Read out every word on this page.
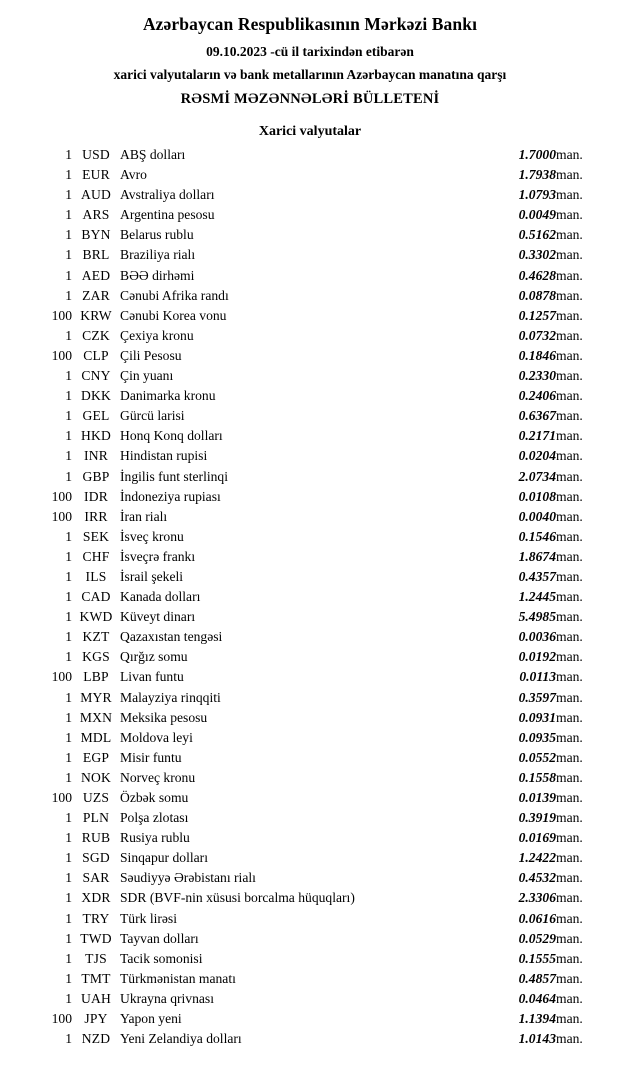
Azərbaycan Respublikasının Mərkəzi Bankı
09.10.2023 -cü il tarixindən etibarən
xarici valyutaların və bank metallarının Azərbaycan manatına qarşı
RƏSMİ MƏZƏNNƏLƏRİ BÜLLETENİ
Xarici valyutalar
1	USD	ABŞ dolları	1.7000	man.
1	EUR	Avro	1.7938	man.
1	AUD	Avstraliya dolları	1.0793	man.
1	ARS	Argentina pesosu	0.0049	man.
1	BYN	Belarus rublu	0.5162	man.
1	BRL	Braziliya rialı	0.3302	man.
1	AED	BƏƏ dirhəmi	0.4628	man.
1	ZAR	Cənubi Afrika randı	0.0878	man.
100	KRW	Cənubi Korea vonu	0.1257	man.
1	CZK	Çexiya kronu	0.0732	man.
100	CLP	Çili Pesosu	0.1846	man.
1	CNY	Çin yuanı	0.2330	man.
1	DKK	Danimarka kronu	0.2406	man.
1	GEL	Gürcü larisi	0.6367	man.
1	HKD	Honq Konq dolları	0.2171	man.
1	INR	Hindistan rupisi	0.0204	man.
1	GBP	İngilis funt sterlinqi	2.0734	man.
100	IDR	İndoneziya rupiası	0.0108	man.
100	IRR	İran rialı	0.0040	man.
1	SEK	İsveç kronu	0.1546	man.
1	CHF	İsveçrə frankı	1.8674	man.
1	ILS	İsrail şekeli	0.4357	man.
1	CAD	Kanada dolları	1.2445	man.
1	KWD	Küveyt dinarı	5.4985	man.
1	KZT	Qazaxıstan tengəsi	0.0036	man.
1	KGS	Qırğız somu	0.0192	man.
100	LBP	Livan funtu	0.0113	man.
1	MYR	Malayziya rinqqiti	0.3597	man.
1	MXN	Meksika pesosu	0.0931	man.
1	MDL	Moldova leyi	0.0935	man.
1	EGP	Misir funtu	0.0552	man.
1	NOK	Norveç kronu	0.1558	man.
100	UZS	Özbək somu	0.0139	man.
1	PLN	Polşa zlotası	0.3919	man.
1	RUB	Rusiya rublu	0.0169	man.
1	SGD	Sinqapur dolları	1.2422	man.
1	SAR	Səudiyyə Ərəbistanı rialı	0.4532	man.
1	XDR	SDR (BVF-nin xüsusi borcalma hüquqları)	2.3306	man.
1	TRY	Türk lirəsi	0.0616	man.
1	TWD	Tayvan dolları	0.0529	man.
1	TJS	Tacik somonisi	0.1555	man.
1	TMT	Türkmənistan manatı	0.4857	man.
1	UAH	Ukrayna qrivnası	0.0464	man.
100	JPY	Yapon yeni	1.1394	man.
1	NZD	Yeni Zelandiya dolları	1.0143	man.
